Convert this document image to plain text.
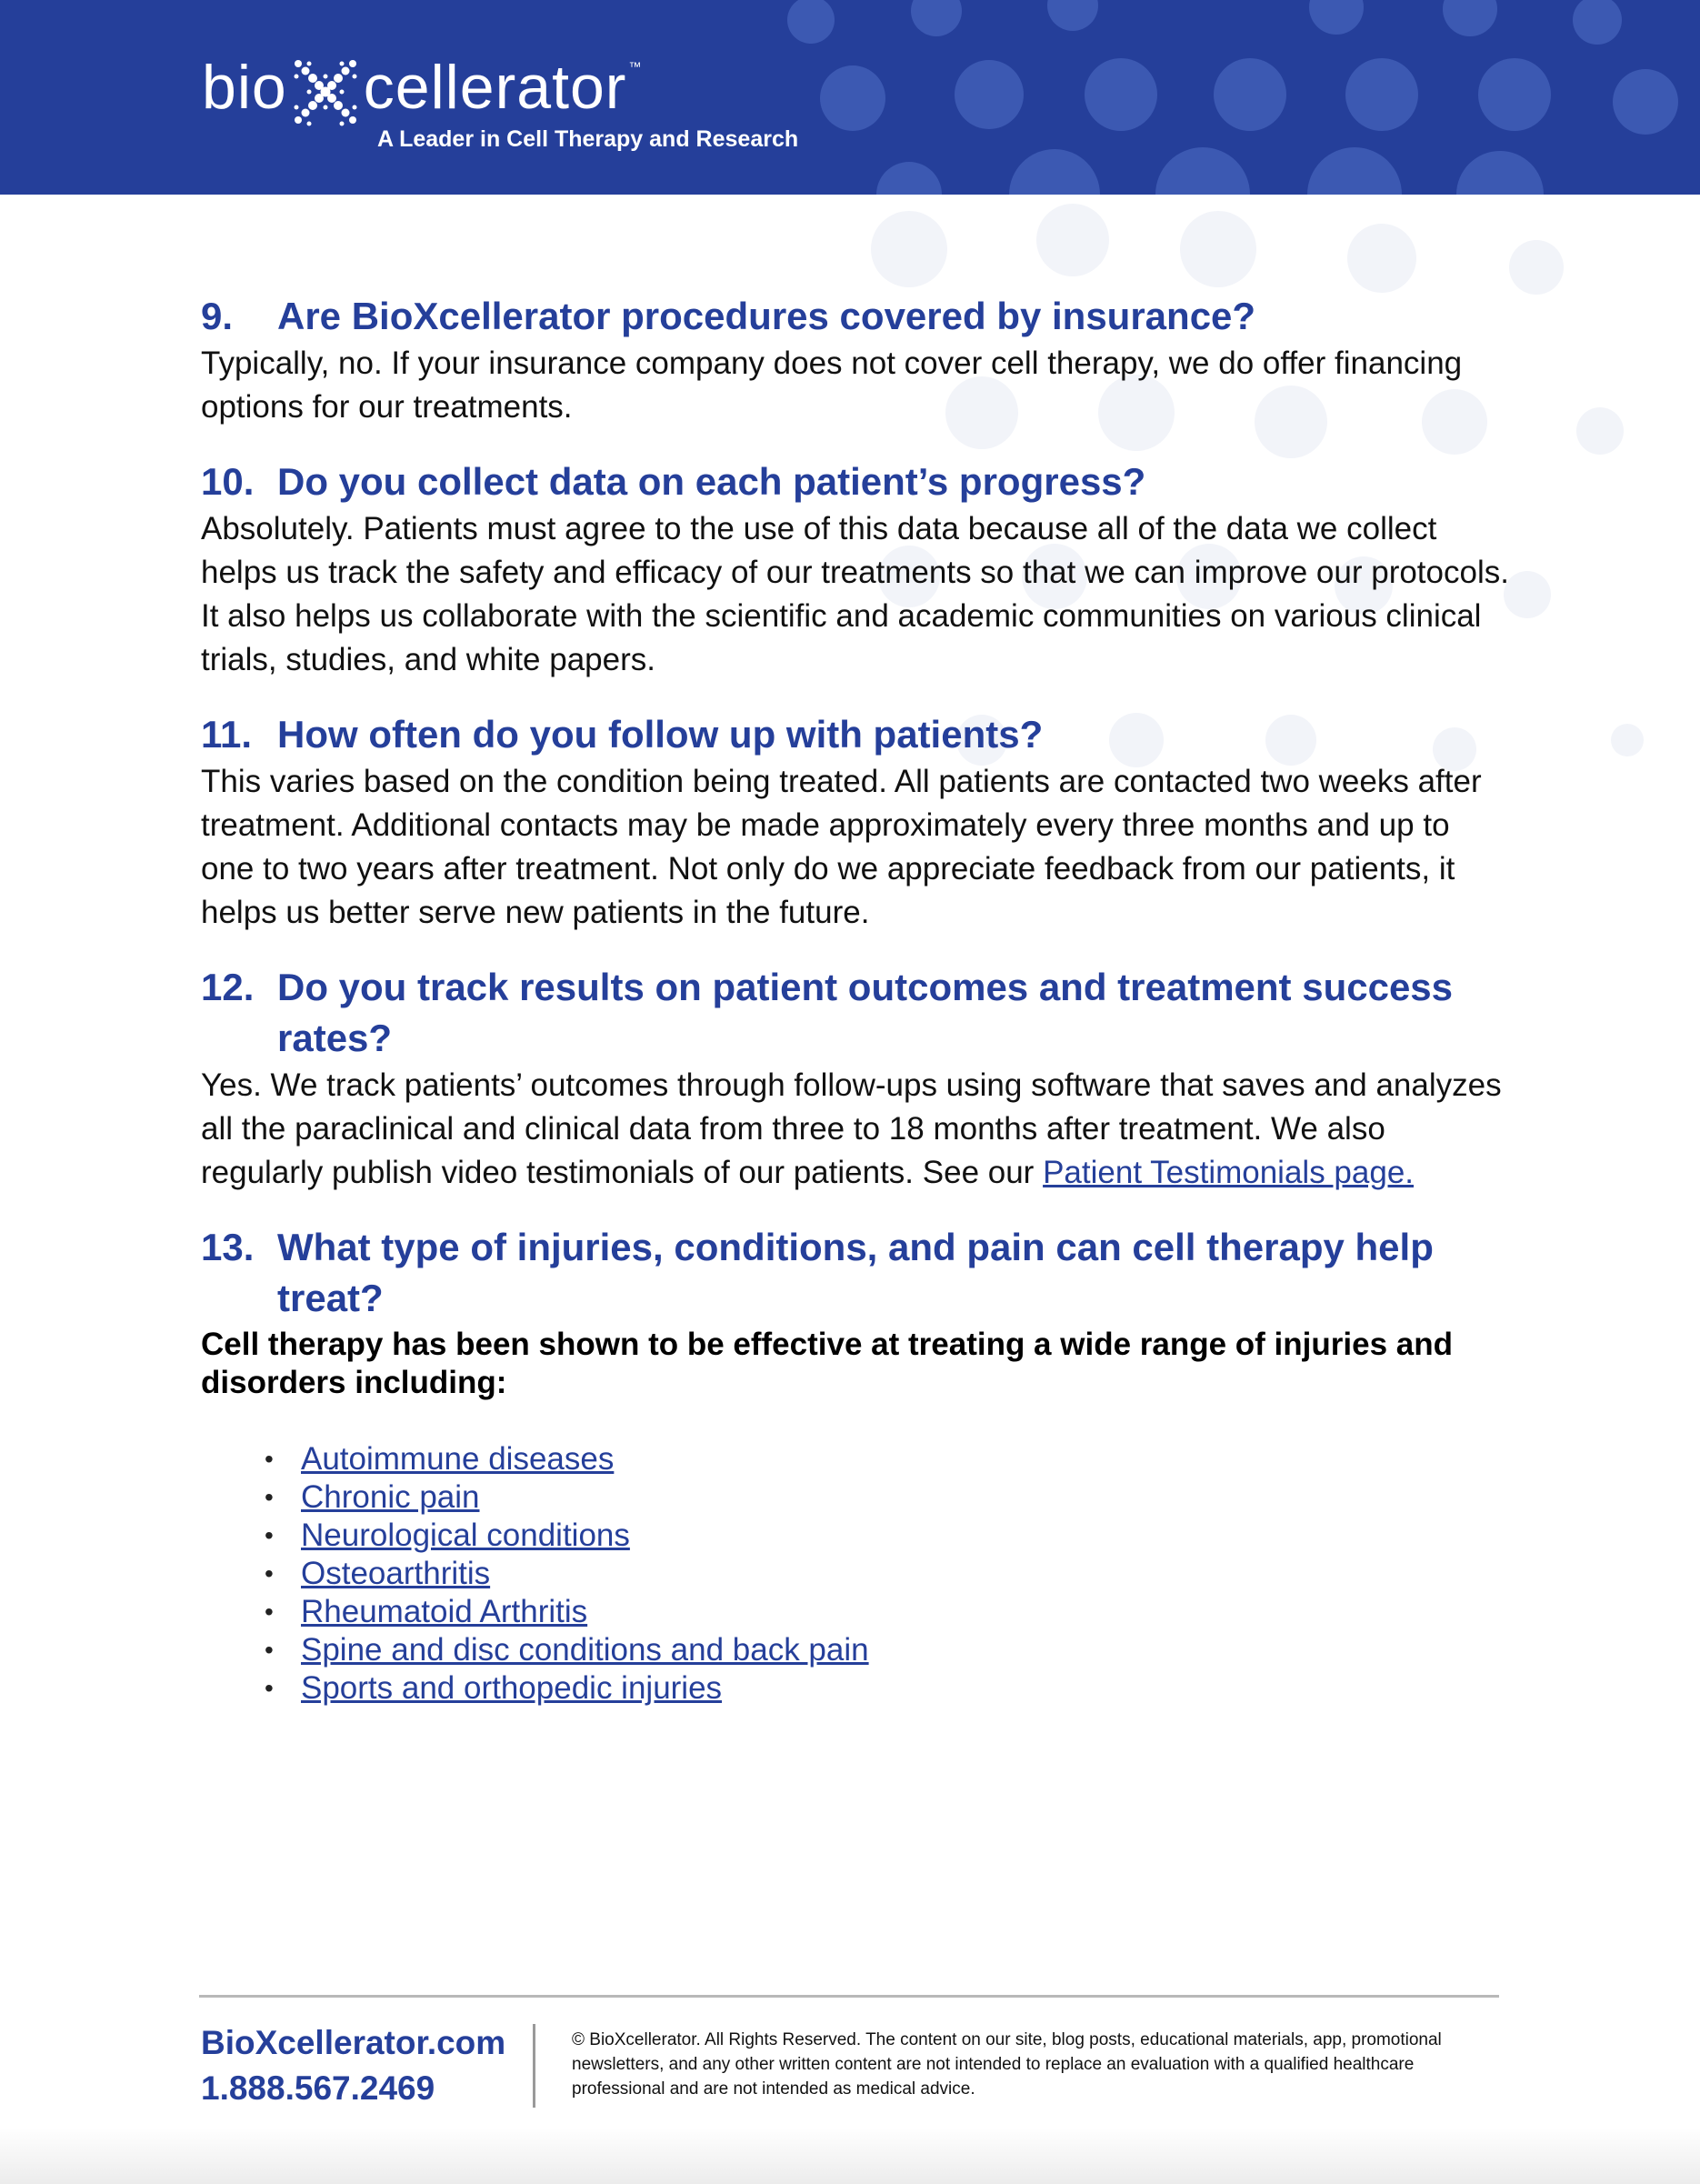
bio cellerator ™
A Leader in Cell Therapy and Research
9.	Are BioXcellerator procedures covered by insurance?
Typically, no. If your insurance company does not cover cell therapy, we do offer financing options for our treatments.
10. Do you collect data on each patient’s progress?
Absolutely. Patients must agree to the use of this data because all of the data we collect helps us track the safety and efficacy of our treatments so that we can improve our protocols. It also helps us collaborate with the scientific and academic communities on various clinical trials, studies, and white papers.
11. How often do you follow up with patients?
This varies based on the condition being treated. All patients are contacted two weeks after treatment. Additional contacts may be made approximately every three months and up to one to two years after treatment. Not only do we appreciate feedback from our patients, it helps us better serve new patients in the future.
12. Do you track results on patient outcomes and treatment success rates?
Yes. We track patients’ outcomes through follow-ups using software that saves and analyzes all the paraclinical and clinical data from three to 18 months after treatment. We also regularly publish video testimonials of our patients. See our Patient Testimonials page.
13. What type of injuries, conditions, and pain can cell therapy help treat?
Cell therapy has been shown to be effective at treating a wide range of injuries and disorders including:
• Autoimmune diseases
• Chronic pain
• Neurological conditions
• Osteoarthritis
• Rheumatoid Arthritis
• Spine and disc conditions and back pain
• Sports and orthopedic injuries
BioXcellerator.com
1.888.567.2469
© BioXcellerator. All Rights Reserved. The content on our site, blog posts, educational materials, app, promotional newsletters, and any other written content are not intended to replace an evaluation with a qualified healthcare professional and are not intended as medical advice.
